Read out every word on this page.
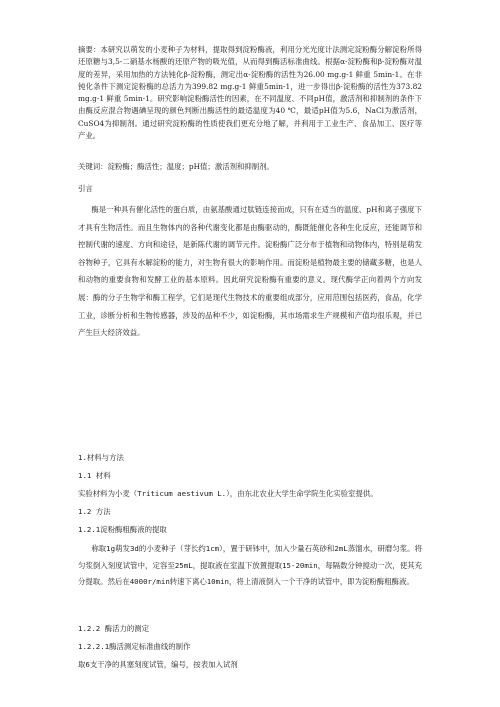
摘要：本研究以萌发的小麦种子为材料，提取得到淀粉酶液，利用分光光度计法测定淀粉酶分解淀粉所得还原糖与3,5-二硝基水杨酸的还原产物的吸光值，从而得到酶活标准曲线。根据α-淀粉酶和β-淀粉酶对温度的差异，采用加热的方法钝化β-淀粉酶，测定出α-淀粉酶的活性为26.00 mg.g-1 鲜重 5min-1。在非钝化条件下测定淀粉酶的总活力为399.82 mg.g-1 鲜重5min-1，进一步得出β-淀粉酶的活性为373.82 mg.g-1 鲜重 5min-1。研究影响淀粉酶活性的因素，在不同温度、不同pH值，激活剂和抑制剂的条件下由酶反应混合物遇碘呈现的颜色判断出酶活性的最适温度为40 ℃，最适pH值为5.6，NaCl为激活剂，CuSO4为抑制剂。通过研究淀粉酶的性质使我们更充分地了解，并利用于工业生产、食品加工、医疗等产业。

关键词：淀粉酶；酶活性；温度；pH值；激活剂和抑制剂。

引言

酶是一种具有催化活性的蛋白质，由氨基酸通过肽链连接而成，只有在适当的温度、pH和离子强度下才具有生物活性。而且生物体内的各种代谢变化都是由酶驱动的，酶既能催化各种生化反应，还能调节和控制代谢的速度、方向和途径，是新陈代谢的调节元件。淀粉酶广泛分布于植物和动物体内，特别是萌发谷物种子，它具有水解淀粉的能力，对生物有很大的影响作用。而淀粉是植物最主要的储藏多糖，也是人和动物的重要食物和发酵工业的基本原料。因此研究淀粉酶有重要的意义。现代酶学正向着两个方向发展：酶的分子生物学和酶工程学，它们是现代生物技术的重要组成部分，应用范围包括医药，食品，化学工业，诊断分析和生物传感器，涉及的品种不少，如淀粉酶，其市场需求生产规模和产值均很乐观，并已产生巨大经济效益。

1.材料与方法

1.1 材料

实验材料为小麦（Triticum aestivum L.），由东北农业大学生命学院生化实验室提供。

1.2 方法

1.2.1淀粉酶粗酶液的提取

称取1g萌发3d的小麦种子（芽长约1cm），置于研钵中，加入少量石英砂和2mL蒸馏水，研磨匀浆。将匀浆倒入刻度试管中，定容至25mL，提取液在室温下放置提取15-20min，每隔数分钟搅动一次，使其充分提取。然后在4000r/min转速下离心10min，将上清液倒入一个干净的试管中，即为淀粉酶粗酶液。

1.2.2 酶活力的测定

1.2.2.1酶活测定标准曲线的制作

取6支干净的具塞刻度试管，编号，按表加入试剂
